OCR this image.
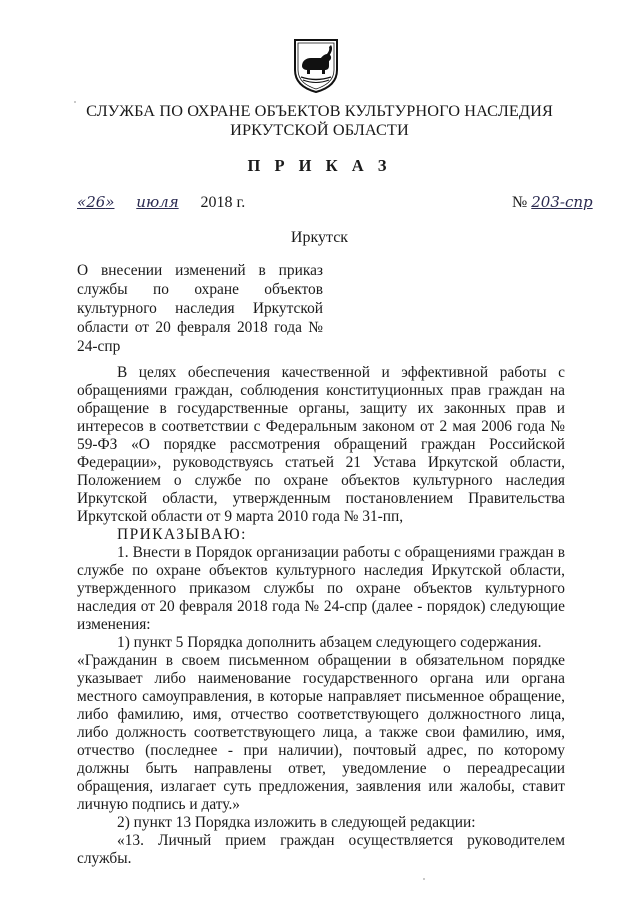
СЛУЖБА ПО ОХРАНЕ ОБЪЕКТОВ КУЛЬТУРНОГО НАСЛЕДИЯ
ИРКУТСКОЙ ОБЛАСТИ
П Р И К А З
«26» июля 2018 г.	№ 203-спр
Иркутск
О внесении изменений в приказ службы по охране объектов культурного наследия Иркутской области от 20 февраля 2018 года № 24-спр

В целях обеспечения качественной и эффективной работы с обращениями граждан, соблюдения конституционных прав граждан на обращение в государственные органы, защиту их законных прав и интересов в соответствии с Федеральным законом от 2 мая 2006 года № 59-ФЗ «О порядке рассмотрения обращений граждан Российской Федерации», руководствуясь статьей 21 Устава Иркутской области, Положением о службе по охране объектов культурного наследия Иркутской области, утвержденным постановлением Правительства Иркутской области от 9 марта 2010 года № 31-пп,

ПРИКАЗЫВАЮ:

1. Внести в Порядок организации работы с обращениями граждан в службе по охране объектов культурного наследия Иркутской области, утвержденного приказом службы по охране объектов культурного наследия от 20 февраля 2018 года № 24-спр (далее - порядок) следующие изменения:

1) пункт 5 Порядка дополнить абзацем следующего содержания.

«Гражданин в своем письменном обращении в обязательном порядке указывает либо наименование государственного органа или органа местного самоуправления, в которые направляет письменное обращение, либо фамилию, имя, отчество соответствующего должностного лица, либо должность соответствующего лица, а также свои фамилию, имя, отчество (последнее - при наличии), почтовый адрес, по которому должны быть направлены ответ, уведомление о переадресации обращения, излагает суть предложения, заявления или жалобы, ставит личную подпись и дату.»

2) пункт 13 Порядка изложить в следующей редакции:

«13. Личный прием граждан осуществляется руководителем службы.
